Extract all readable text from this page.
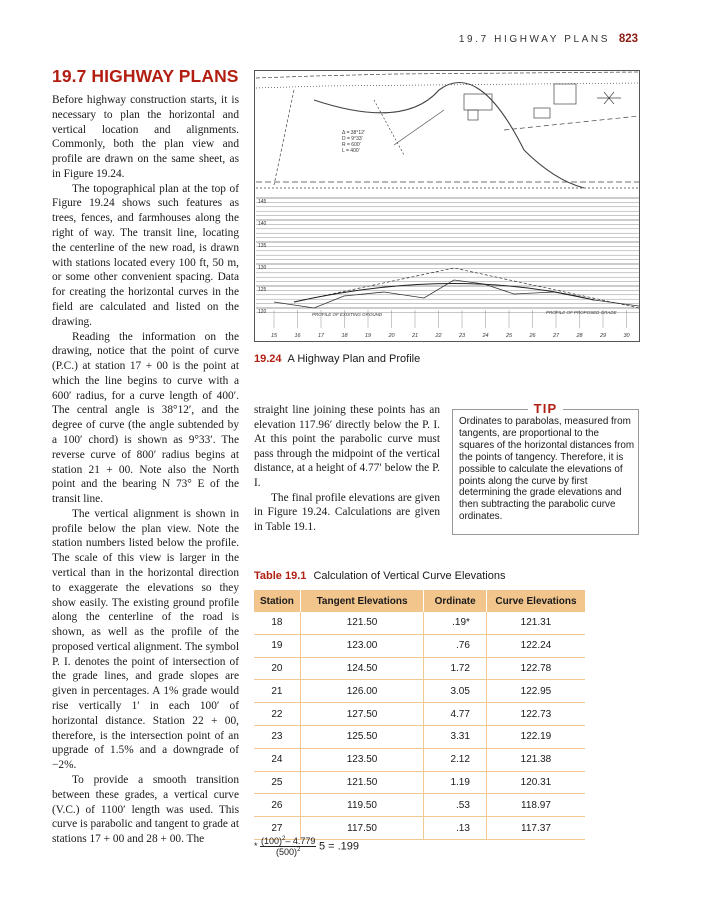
19.7 HIGHWAY PLANS 823
19.7 HIGHWAY PLANS

Before highway construction starts, it is necessary to plan the horizontal and vertical location and alignments. Commonly, both the plan view and profile are drawn on the same sheet, as in Figure 19.24.

The topographical plan at the top of Figure 19.24 shows such features as trees, fences, and farmhouses along the right of way. The transit line, locating the centerline of the new road, is drawn with stations located every 100 ft, 50 m, or some other convenient spacing. Data for creating the horizontal curves in the field are calculated and listed on the drawing.

Reading the information on the drawing, notice that the point of curve (P.C.) at station 17 + 00 is the point at which the line begins to curve with a 600′ radius, for a curve length of 400′. The central angle is 38°12′, and the degree of curve (the angle subtended by a 100′ chord) is shown as 9°33′. The reverse curve of 800′ radius begins at station 21 + 00. Note also the North point and the bearing N 73° E of the transit line.

The vertical alignment is shown in profile below the plan view. Note the station numbers listed below the profile. The scale of this view is larger in the vertical than in the horizontal direction to exaggerate the elevations so they show easily. The existing ground profile along the centerline of the road is shown, as well as the profile of the proposed vertical alignment. The symbol P. I. denotes the point of intersection of the grade lines, and grade slopes are given in percentages. A 1% grade would rise vertically 1′ in each 100′ of horizontal distance. Station 22 + 00, therefore, is the intersection point of an upgrade of 1.5% and a downgrade of −2%.

To provide a smooth transition between these grades, a vertical curve (V.C.) of 1100′ length was used. This curve is parabolic and tangent to grade at stations 17 + 00 and 28 + 00. The

Δ = 38°12′ D = 9°33′ R = 600′ L = 400′
145
140
135
130
125
120
15	16	17	18	19	20	21	22	23	24	25	26	27	28	29	30
PROFILE OF EXISTING GROUND	PROFILE OF PROPOSED GRADE
19.24 A Highway Plan and Profile

straight line joining these points has an elevation 117.96′ directly below the P. I. At this point the parabolic curve must pass through the midpoint of the vertical distance, at a height of 4.77′ below the P. I.

The final profile elevations are given in Figure 19.24. Calculations are given in Table 19.1.

TIP
Ordinates to parabolas, measured from tangents, are proportional to the squares of the horizontal distances from the points of tangency. Therefore, it is possible to calculate the elevations of points along the curve by first determining the grade elevations and then subtracting the parabolic curve ordinates.
Table 19.1 Calculation of Vertical Curve Elevations
Station	Tangent Elevations	Ordinate	Curve Elevations
18	121.50	.19*	121.31
19	123.00	.76	122.24
20	124.50	1.72	122.78
21	126.00	3.05	122.95
22	127.50	4.77	122.73
23	125.50	3.31	122.19
24	123.50	2.12	121.38
25	121.50	1.19	120.31
26	119.50	.53	118.97
27	117.50	.13	117.37
* $\frac{(100)^2- 4.779}{(500)^2} 5 = .199$
